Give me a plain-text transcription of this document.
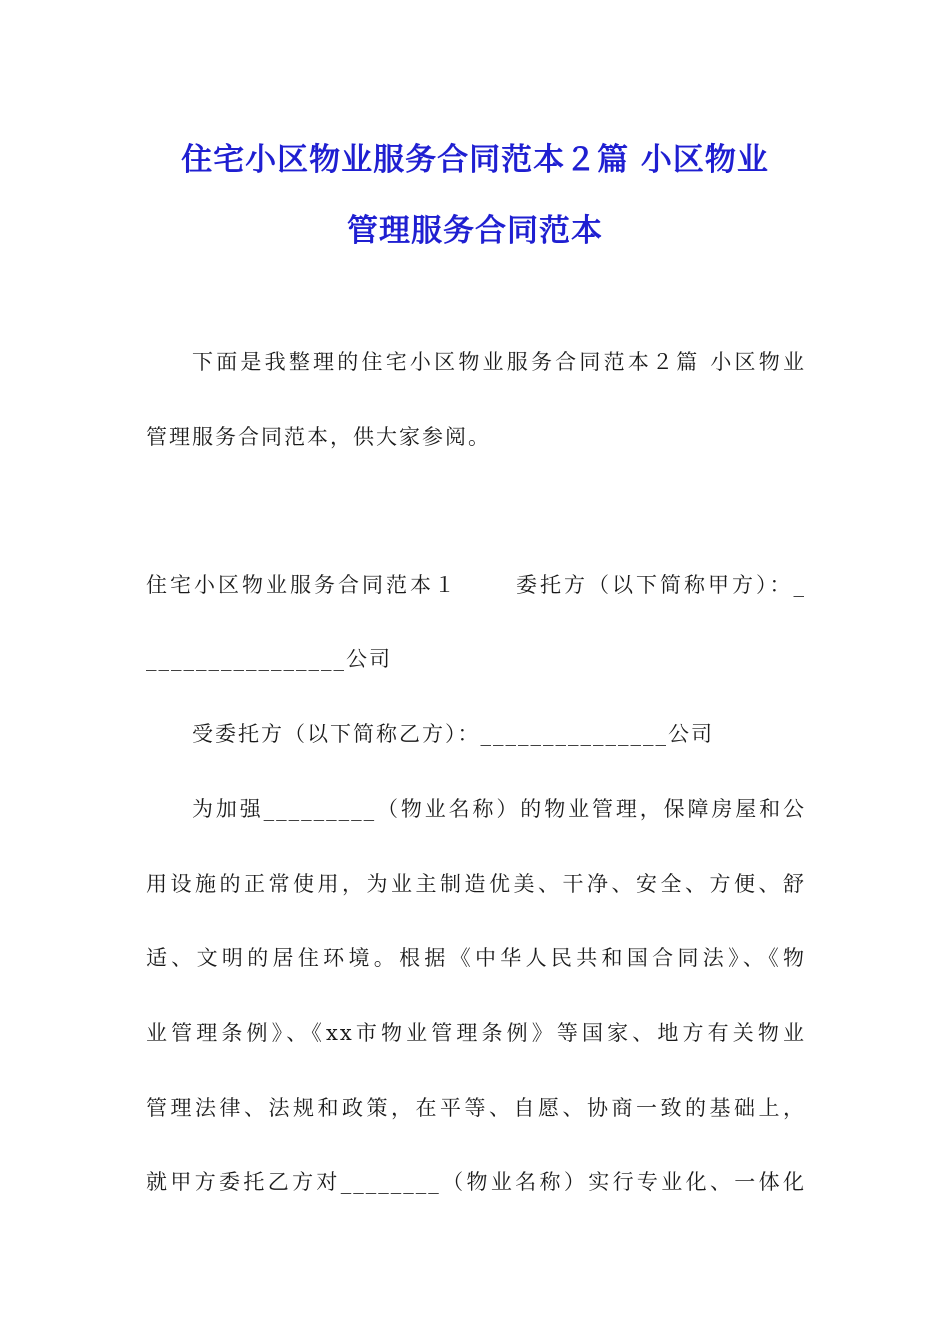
住宅小区物业服务合同范本２篇 小区物业
管理服务合同范本
下面是我整理的住宅小区物业服务合同范本２篇 小区物业
管理服务合同范本，供大家参阅。
住宅小区物业服务合同范本１      委托方（以下简称甲方）：_
________________公司
受委托方（以下简称乙方）：_______________公司
为加强_________（物业名称）的物业管理，保障房屋和公
用设施的正常使用，为业主制造优美、干净、安全、方便、舒
适、文明的居住环境。根据《中华人民共和国合同法》、《物
业管理条例》、《xx市物业管理条例》等国家、地方有关物业
管理法律、法规和政策，在平等、自愿、协商一致的基础上，
就甲方委托乙方对________（物业名称）实行专业化、一体化
